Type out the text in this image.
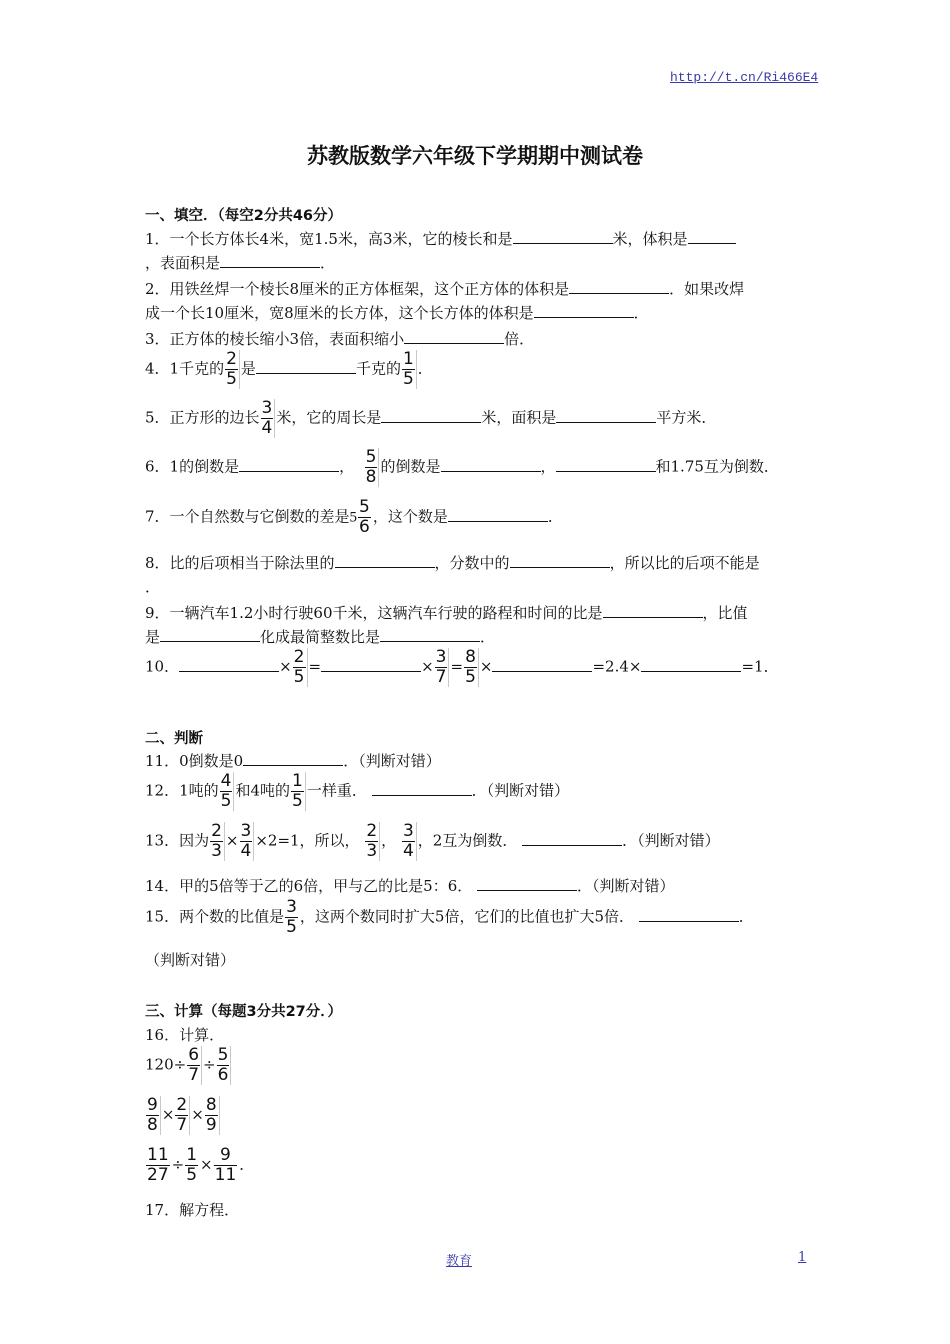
http://t.cn/Ri466E4
苏教版数学六年级下学期期中测试卷
一、填空．（每空2分共46分）
1．一个长方体长4米，宽1.5米，高3米，它的棱长和是	米，体积是
，表面积是	．
2．用铁丝焊一个棱长8厘米的正方体框架，这个正方体的体积是	．如果改焊
成一个长10厘米，宽8厘米的长方体，这个长方体的体积是	．
3．正方体的棱长缩小3倍，表面积缩小	倍．
4．1千克的 $\frac{2}{5}$ 是	千克的 $\frac{1}{5}$ ．
5．正方形的边长 $\frac{3}{4}$ 米，它的周长是	米，面积是	平方米．
6．1的倒数是	， $\frac{5}{8}$ 的倒数是	，	和1.75互为倒数．
7．一个自然数与它倒数的差是$5 \frac{5}{6}$ ，这个数是	．
8．比的后项相当于除法里的	，分数中的	，所以比的后项不能是
．
9．一辆汽车1.2小时行驶60千米，这辆汽车行驶的路程和时间的比是	，比值
是	化成最简整数比是	．
10．	× $\frac{2}{5}$ =	× $\frac{3}{7} = \frac{8}{5}$ ×	=2.4×	=1．
二、判断
11．0倒数是0	．（判断对错）
12．1吨的 $\frac{4}{5}$ 和4吨的 $\frac{1}{5}$ 一样重．	．（判断对错）
13．因为 $\frac{2}{3} \times \frac{3}{4} \times 2=1$，所以， $\frac{2}{3}$ ， $\frac{3}{4}$ ，2互为倒数．	．（判断对错）
14．甲的5倍等于乙的6倍，甲与乙的比是5：6．	．（判断对错）
15．两个数的比值是 $\frac{3}{5}$ ，这两个数同时扩大5倍，它们的比值也扩大5倍．	．
（判断对错）
三、计算（每题3分共27分．）
16．计算．
$120\div \frac{6}{7} \div \frac{5}{6}$
$\frac{9}{8} \times \frac{2}{7} \times \frac{8}{9}$
$\frac{11}{27} \div \frac{1}{5} \times \frac{9}{11}$ ．
17．解方程．
教育	1
